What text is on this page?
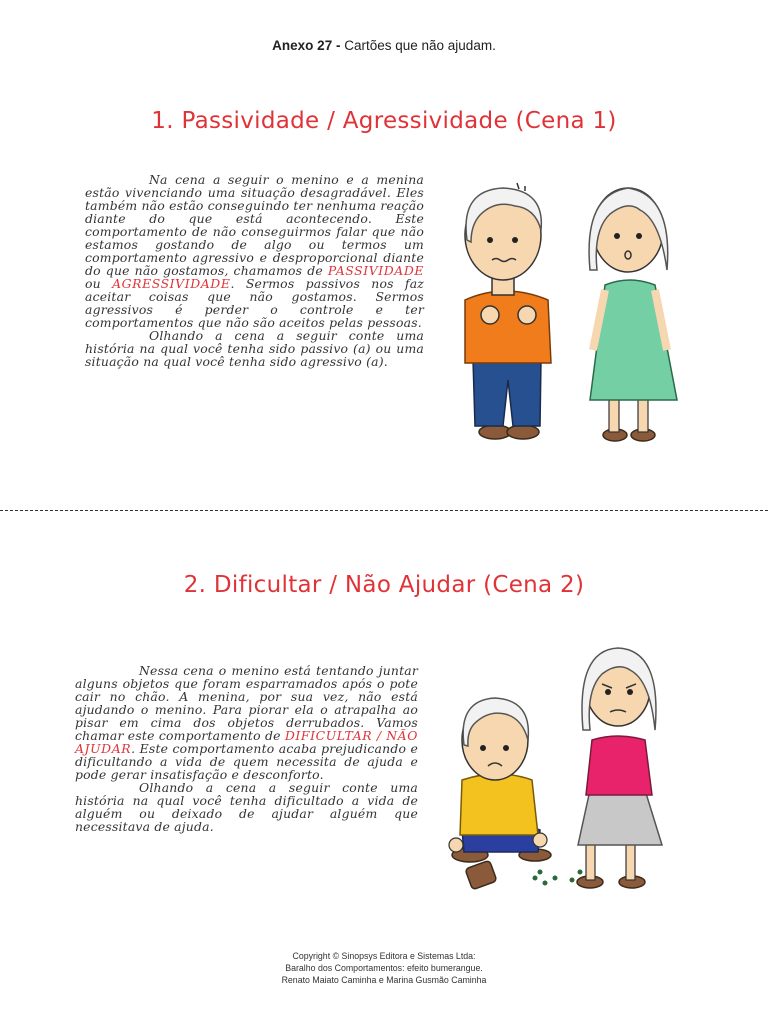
Anexo 27 - Cartões que não ajudam.
1. Passividade / Agressividade (Cena 1)

Na cena a seguir o menino e a menina estão vivenciando uma situação desagradável. Eles também não estão conseguindo ter nenhuma reação diante do que está acontecendo. Este comportamento de não conseguirmos falar que não estamos gostando de algo ou termos um comportamento agressivo e desproporcional diante do que não gostamos, chamamos de PASSIVIDADE ou AGRESSIVIDADE. Sermos passivos nos faz aceitar coisas que não gostamos. Sermos agressivos é perder o controle e ter comportamentos que não são aceitos pelas pessoas.

Olhando a cena a seguir conte uma história na qual você tenha sido passivo (a) ou uma situação na qual você tenha sido agressivo (a).

2. Dificultar / Não Ajudar (Cena 2)

Nessa cena o menino está tentando juntar alguns objetos que foram esparramados após o pote cair no chão. A menina, por sua vez, não está ajudando o menino. Para piorar ela o atrapalha ao pisar em cima dos objetos derrubados. Vamos chamar este comportamento de DIFICULTAR / NÃO AJUDAR. Este comportamento acaba prejudicando e dificultando a vida de quem necessita de ajuda e pode gerar insatisfação e desconforto.

Olhando a cena a seguir conte uma história na qual você tenha dificultado a vida de alguém ou deixado de ajudar alguém que necessitava de ajuda.

Copyright © Sinopsys Editora e Sistemas Ltda:
Baralho dos Comportamentos: efeito bumerangue.
Renato Maiato Caminha e Marina Gusmão Caminha
